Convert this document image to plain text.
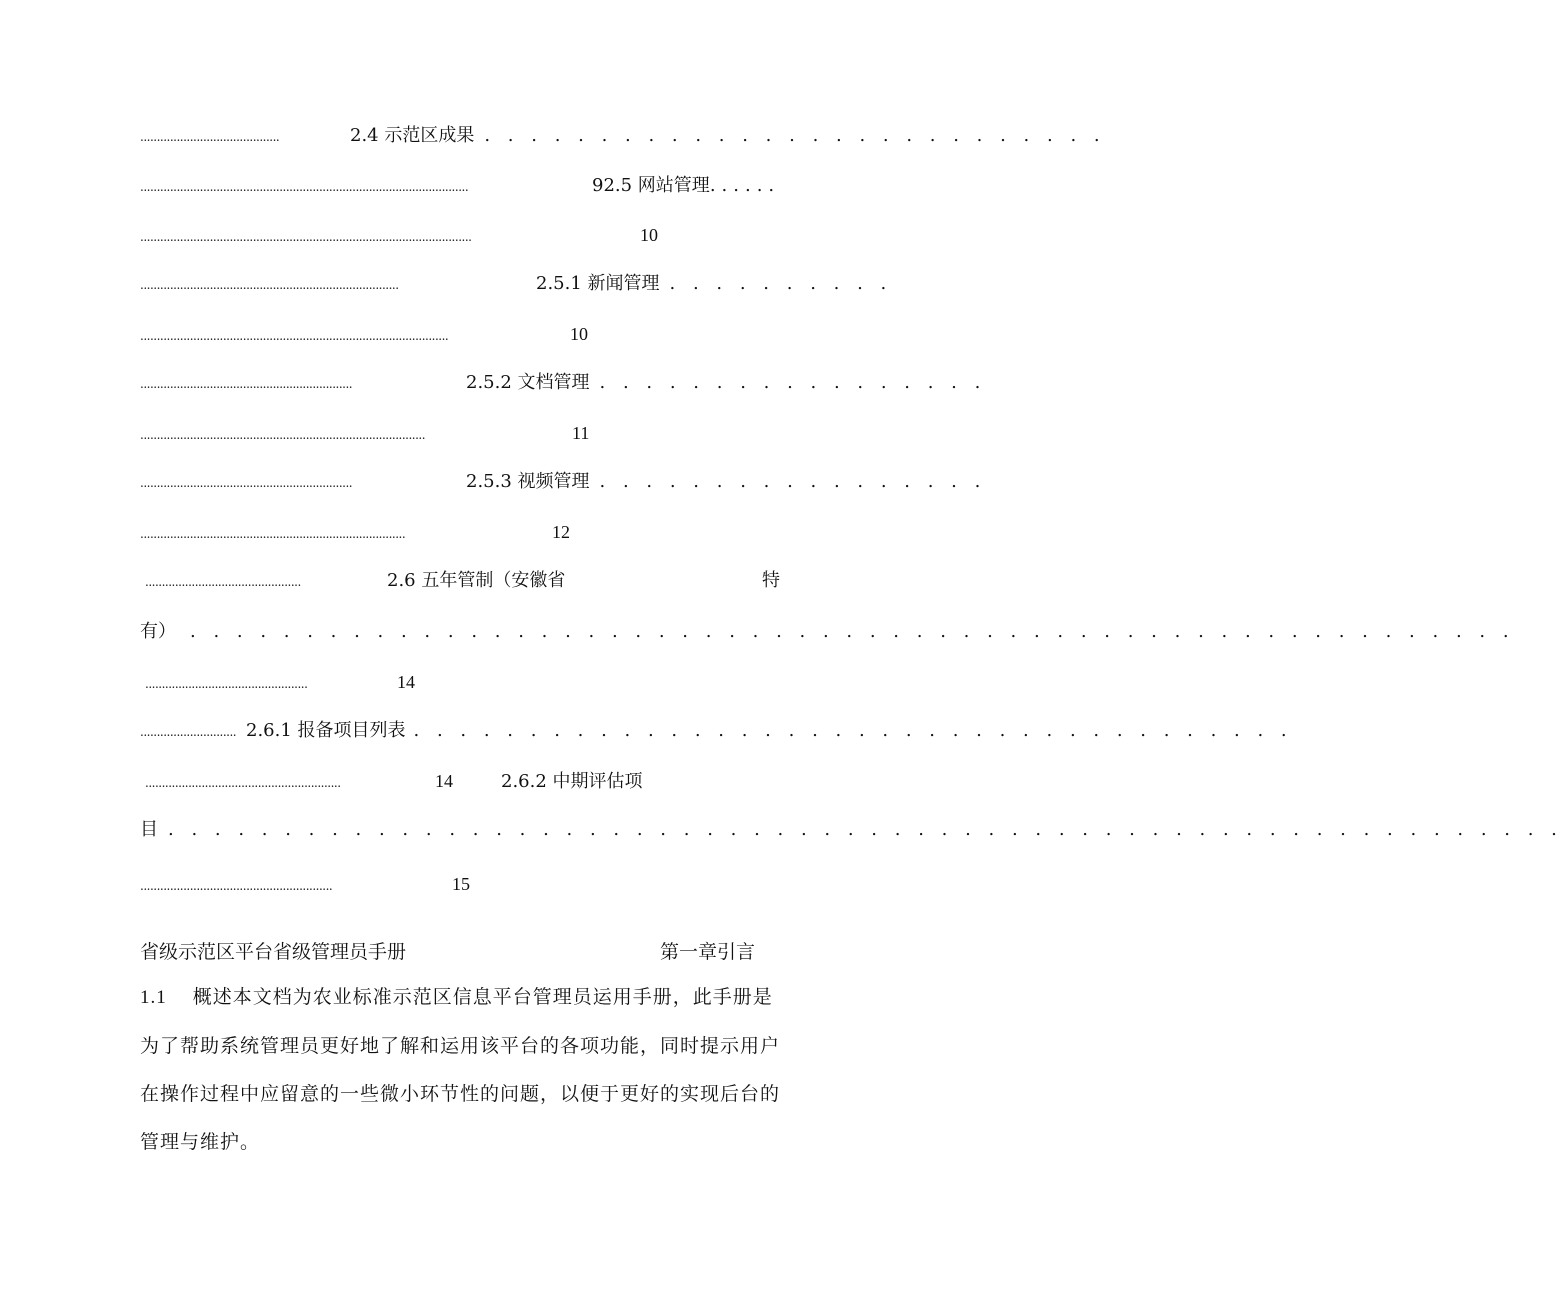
..........................................	2.4 示范区成果 . . . . . . . . . . . . . . . . . . . . . . . . . . .
...................................................................................................	92.5 网站管理 ......
....................................................................................................	10
..............................................................................	2.5.1 新闻管理 . . . . . . . . . .
.............................................................................................	10
................................................................	2.5.2 文档管理 . . . . . . . . . . . . . . . . .
......................................................................................	11
................................................................	2.5.3 视频管理 . . . . . . . . . . . . . . . . .
................................................................................	12
...............................................	2.6 五年管制（安徽省	特
有） . . . . . . . . . . . . . . . . . . . . . . . . . . . . . . . . . . . . . . . . . . . . . . . . . . . . . . . . .
.................................................	14
............................. 2.6.1 报备项目列表 . . . . . . . . . . . . . . . . . . . . . . . . . . . . . . . . . . . . . .
...........................................................	14	2.6.2 中期评估项
目 . . . . . . . . . . . . . . . . . . . . . . . . . . . . . . . . . . . . . . . . . . . . . . . . . . . . . . . . . . . .
..........................................................	15
省级示范区平台省级管理员手册	第一章引言
1.1 概述本文档为农业标准示范区信息平台管理员运用手册，此手册是
为了帮助系统管理员更好地了解和运用该平台的各项功能，同时提示用户
在操作过程中应留意的一些微小环节性的问题，以便于更好的实现后台的
管理与维护。
